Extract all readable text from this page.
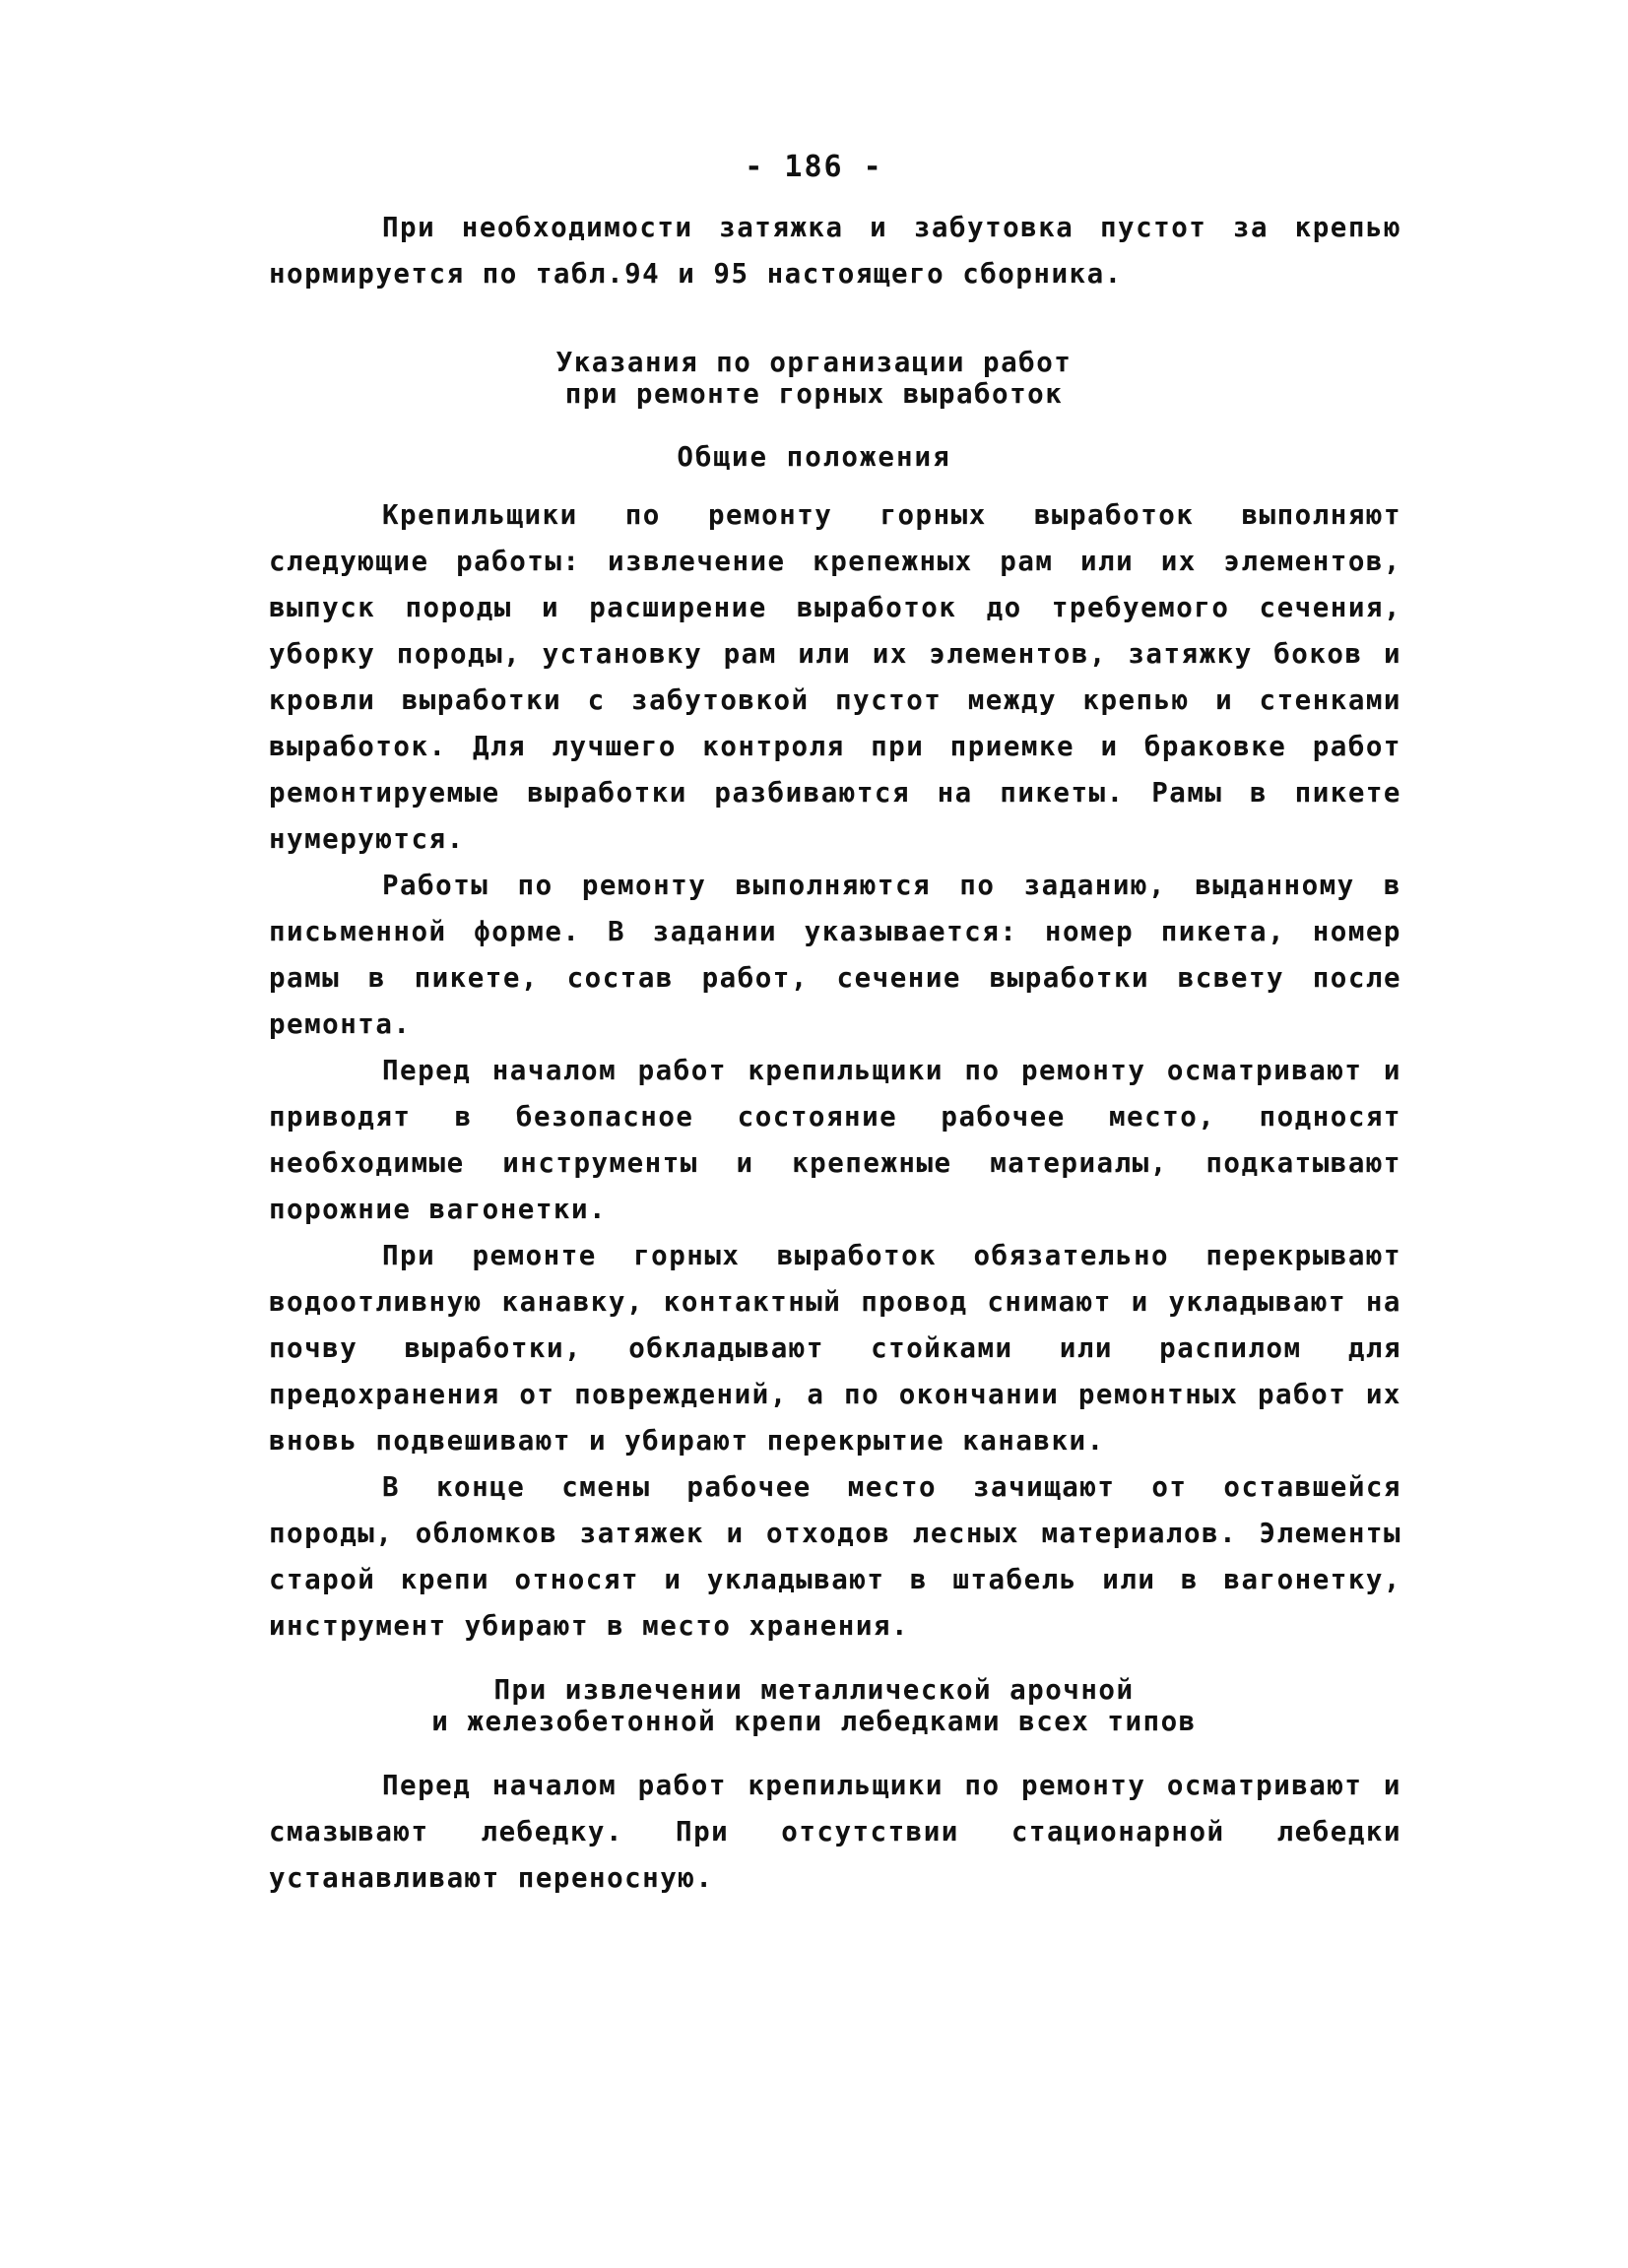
- 186 -

При необходимости затяжка и забутовка пустот за крепью нормируется по табл.94 и 95 настоящего сборника.

Указания по организации работ
при ремонте горных выработок
Общие положения

Крепильщики по ремонту горных выработок выполняют следующие работы: извлечение крепежных рам или их элементов, выпуск породы и расширение выработок до требуемого сечения, уборку породы, установку рам или их элементов, затяжку боков и кровли выработки с забутовкой пустот между крепью и стенками выработок. Для лучшего контроля при приемке и браковке работ ремонтируемые выработки разбиваются на пикеты. Рамы в пикете нумеруются.

Работы по ремонту выполняются по заданию, выданному в письменной форме. В задании указывается: номер пикета, номер рамы в пикете, состав работ, сечение выработки всвету после ремонта.

Перед началом работ крепильщики по ремонту осматривают и приводят в безопасное состояние рабочее место, подносят необходимые инструменты и крепежные материалы, подкатывают порожние вагонетки.

При ремонте горных выработок обязательно перекрывают водоотливную канавку, контактный провод снимают и укладывают на почву выработки, обкладывают стойками или распилом для предохранения от повреждений, а по окончании ремонтных работ их вновь подвешивают и убирают перекрытие канавки.

В конце смены рабочее место зачищают от оставшейся породы, обломков затяжек и отходов лесных материалов. Элементы старой крепи относят и укладывают в штабель или в вагонетку, инструмент убирают в место хранения.

При извлечении металлической арочной
и железобетонной крепи лебедками всех типов

Перед началом работ крепильщики по ремонту осматривают и смазывают лебедку. При отсутствии стационарной лебедки устанавливают переносную.
